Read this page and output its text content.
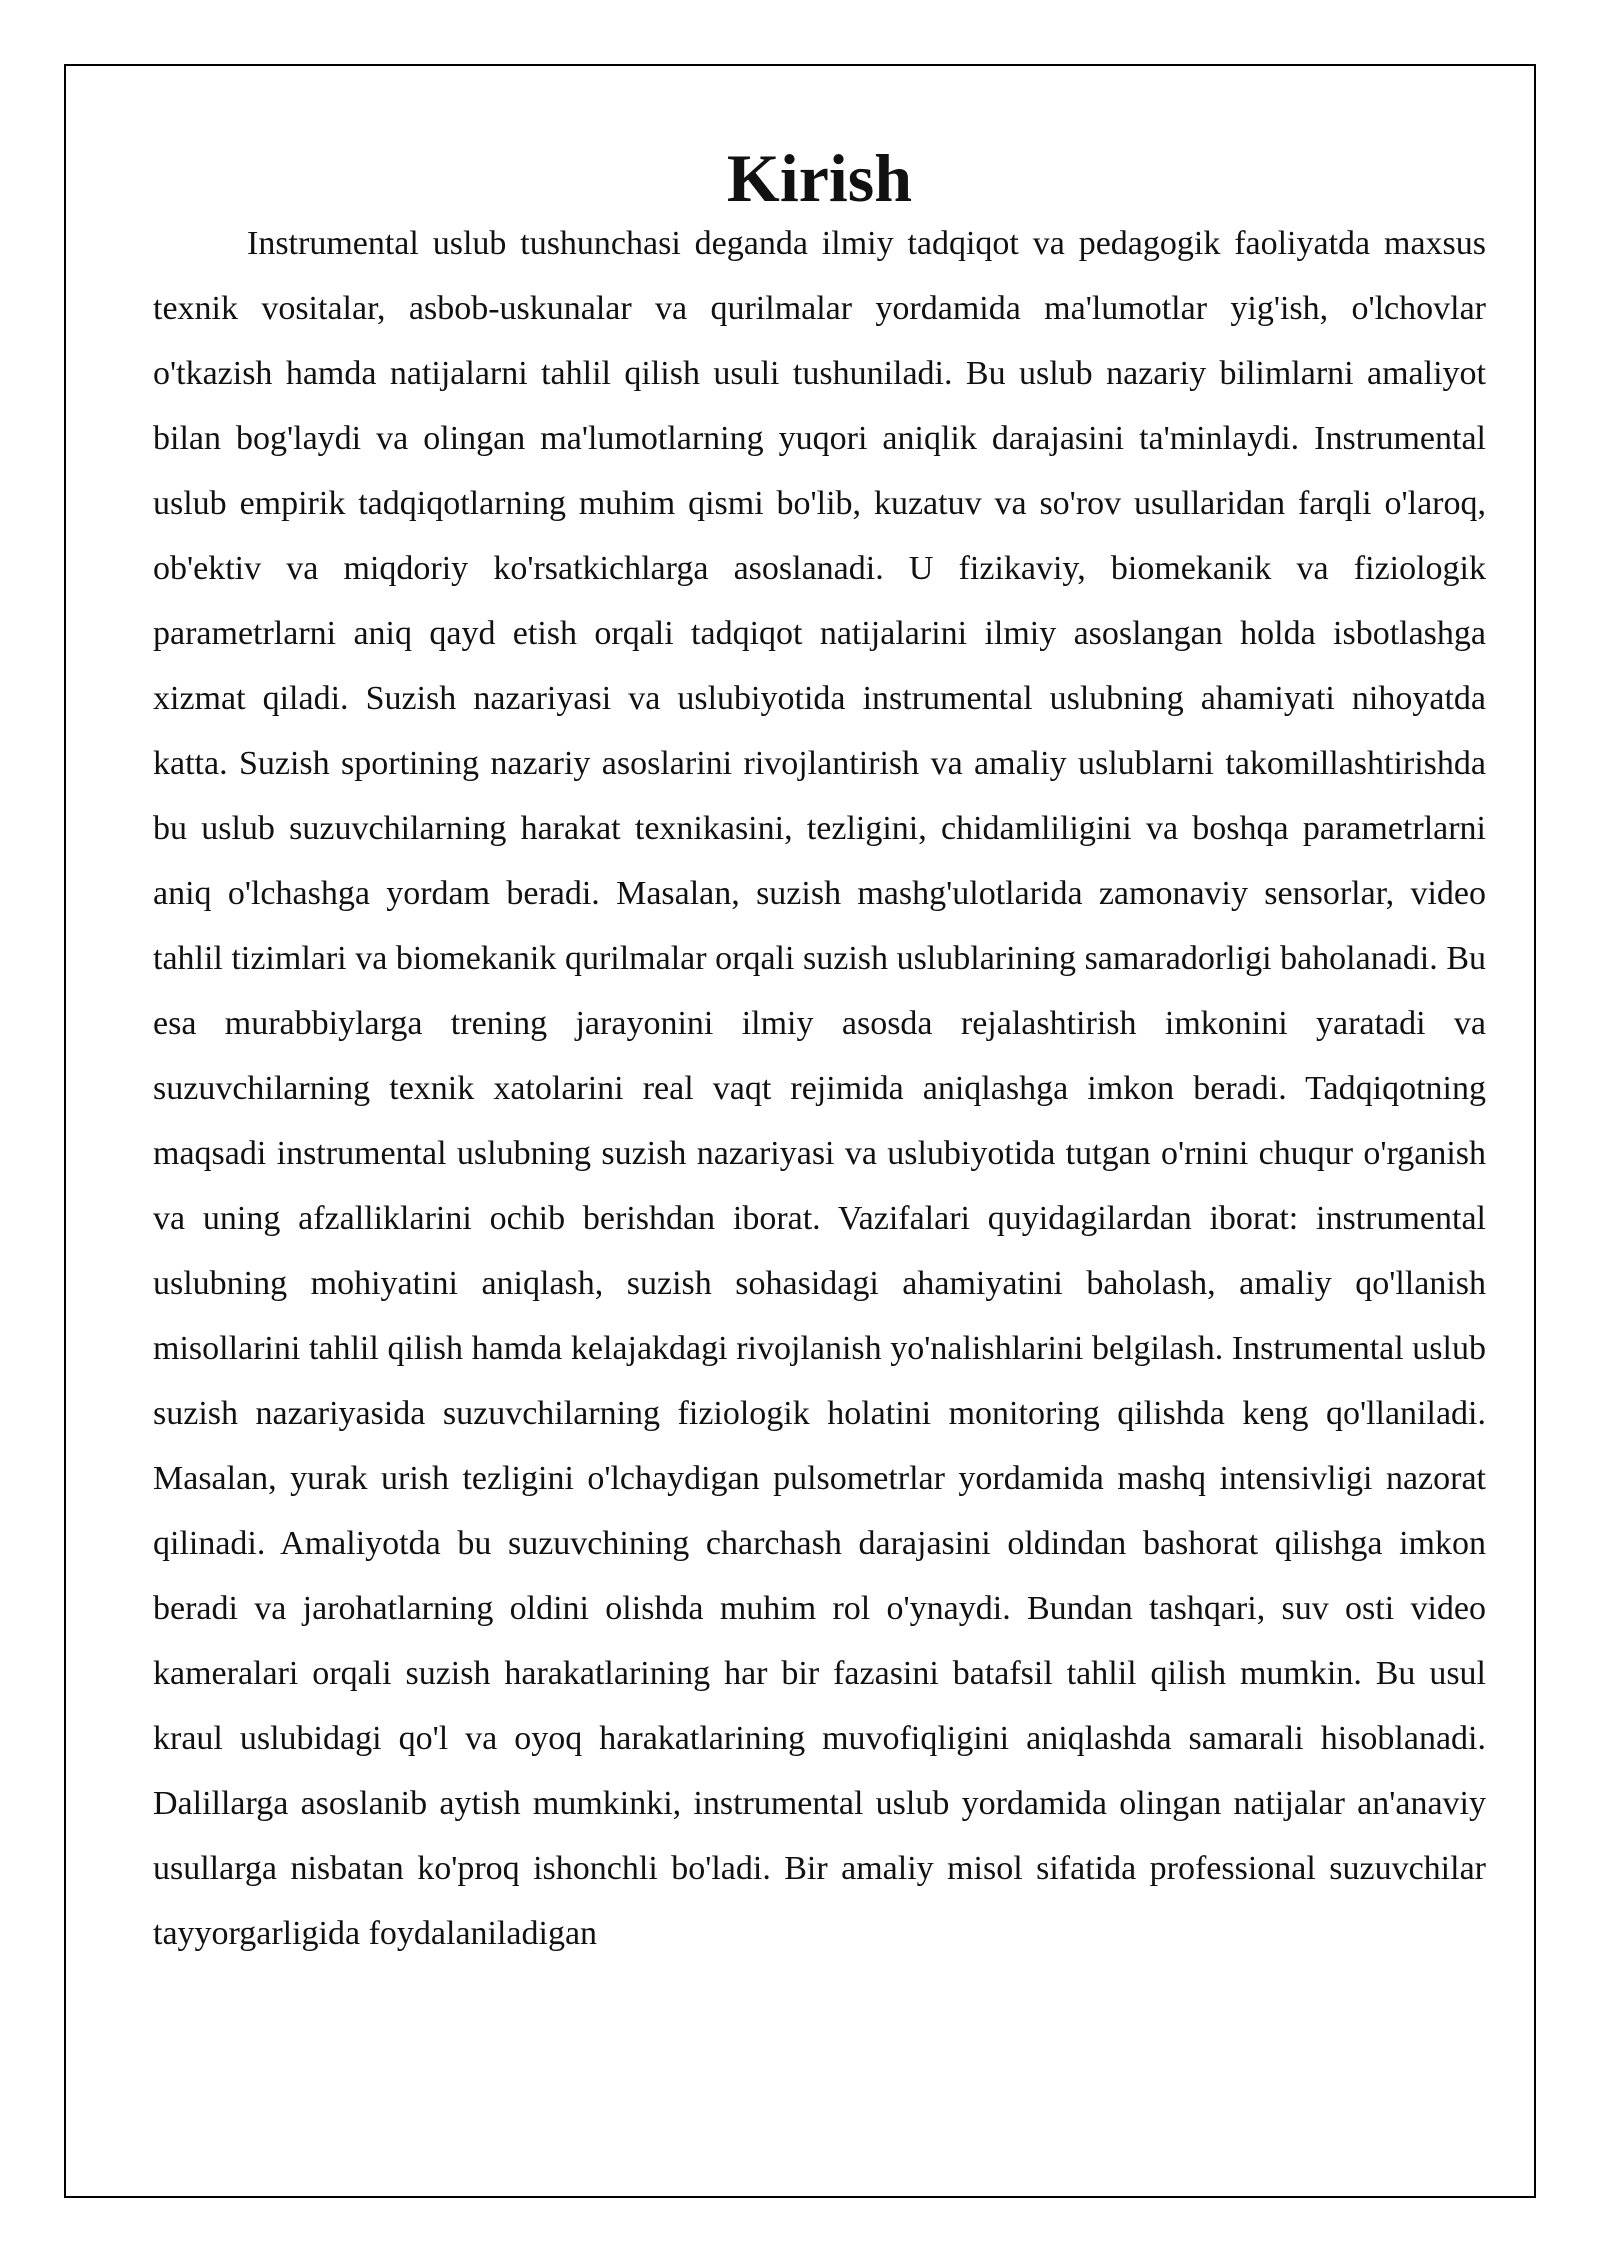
Kirish

Instrumental uslub tushunchasi deganda ilmiy tadqiqot va pedagogik faoliyatda maxsus texnik vositalar, asbob-uskunalar va qurilmalar yordamida ma'lumotlar yig'ish, o'lchovlar o'tkazish hamda natijalarni tahlil qilish usuli tushuniladi. Bu uslub nazariy bilimlarni amaliyot bilan bog'laydi va olingan ma'lumotlarning yuqori aniqlik darajasini ta'minlaydi. Instrumental uslub empirik tadqiqotlarning muhim qismi bo'lib, kuzatuv va so'rov usullaridan farqli o'laroq, ob'ektiv va miqdoriy ko'rsatkichlarga asoslanadi. U fizikaviy, biomekanik va fiziologik parametrlarni aniq qayd etish orqali tadqiqot natijalarini ilmiy asoslangan holda isbotlashga xizmat qiladi. Suzish nazariyasi va uslubiyotida instrumental uslubning ahamiyati nihoyatda katta. Suzish sportining nazariy asoslarini rivojlantirish va amaliy uslublarni takomillashtirishda bu uslub suzuvchilarning harakat texnikasini, tezligini, chidamliligini va boshqa parametrlarni aniq o'lchashga yordam beradi. Masalan, suzish mashg'ulotlarida zamonaviy sensorlar, video tahlil tizimlari va biomekanik qurilmalar orqali suzish uslublarining samaradorligi baholanadi. Bu esa murabbiylarga trening jarayonini ilmiy asosda rejalashtirish imkonini yaratadi va suzuvchilarning texnik xatolarini real vaqt rejimida aniqlashga imkon beradi. Tadqiqotning maqsadi instrumental uslubning suzish nazariyasi va uslubiyotida tutgan o'rnini chuqur o'rganish va uning afzalliklarini ochib berishdan iborat. Vazifalari quyidagilardan iborat: instrumental uslubning mohiyatini aniqlash, suzish sohasidagi ahamiyatini baholash, amaliy qo'llanish misollarini tahlil qilish hamda kelajakdagi rivojlanish yo'nalishlarini belgilash. Instrumental uslub suzish nazariyasida suzuvchilarning fiziologik holatini monitoring qilishda keng qo'llaniladi. Masalan, yurak urish tezligini o'lchaydigan pulsometrlar yordamida mashq intensivligi nazorat qilinadi. Amaliyotda bu suzuvchining charchash darajasini oldindan bashorat qilishga imkon beradi va jarohatlarning oldini olishda muhim rol o'ynaydi. Bundan tashqari, suv osti video kameralari orqali suzish harakatlarining har bir fazasini batafsil tahlil qilish mumkin. Bu usul kraul uslubidagi qo'l va oyoq harakatlarining muvofiqligini aniqlashda samarali hisoblanadi. Dalillarga asoslanib aytish mumkinki, instrumental uslub yordamida olingan natijalar an'anaviy usullarga nisbatan ko'proq ishonchli bo'ladi. Bir amaliy misol sifatida professional suzuvchilar tayyorgarligida foydalaniladigan
